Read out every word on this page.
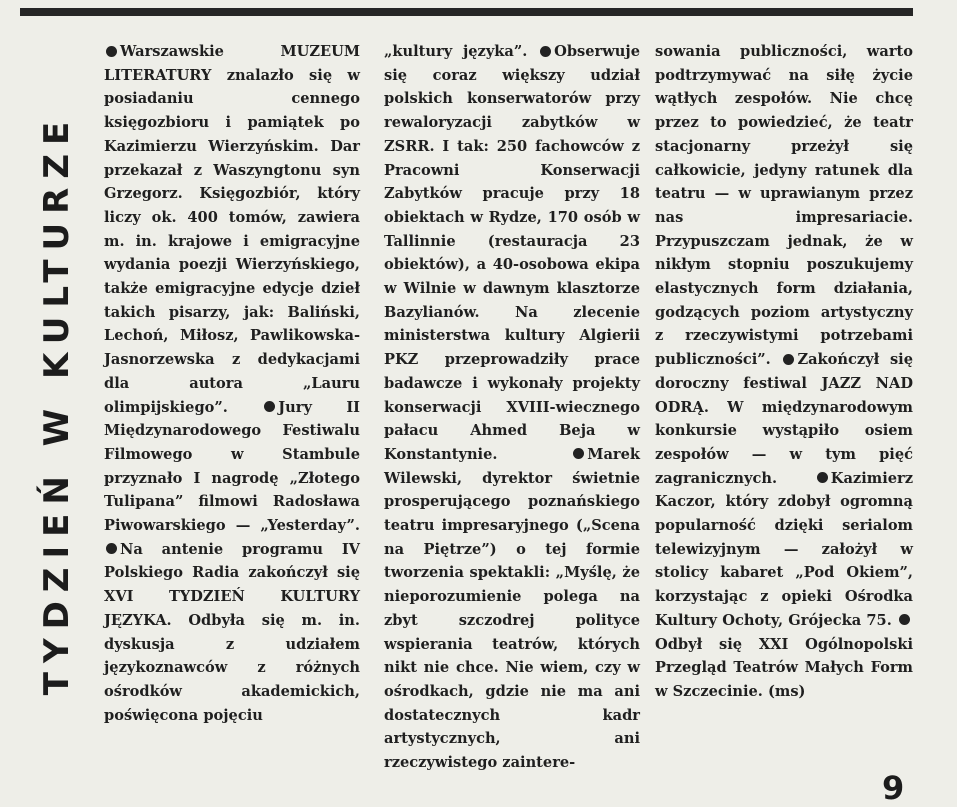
TYDZIEŃ W KULTURZE

Warszawskie MUZEUM LITERATURY znalazło się w posiadaniu cennego księgozbioru i pamiątek po Kazimierzu Wierzyńskim. Dar przekazał z Waszyngtonu syn Grzegorz. Księgozbiór, który liczy ok. 400 tomów, zawiera m. in. krajowe i emigracyjne wydania poezji Wierzyńskiego, także emigracyjne edycje dzieł takich pisarzy, jak: Baliński, Lechoń, Miłosz, Pawlikowska-Jasnorzewska z dedykacjami dla autora „Lauru olimpijskiego”.	Jury II Międzynarodowego Festiwalu Filmowego w Stambule przyznało I nagrodę „Złotego Tulipana” filmowi Radosława Piwowarskiego — „Yesterday”. Na antenie programu IV Polskiego Radia zakończył się XVI TYDZIEŃ KULTURY JĘZYKA. Odbyła się m. in. dyskusja z udziałem językoznawców z różnych ośrodków akademickich, poświęcona pojęciu

„kultury języka”. Obserwuje się coraz większy udział polskich konserwatorów przy rewaloryzacji zabytków w ZSRR. I tak: 250 fachowców z Pracowni Konserwacji Zabytków pracuje przy 18 obiektach w Rydze, 170 osób w Tallinnie (restauracja 23 obiektów), a 40-osobowa ekipa w Wilnie w dawnym klasztorze Bazylianów. Na zlecenie ministerstwa kultury Algierii PKZ przeprowadziły prace badawcze i wykonały projekty konserwacji XVIII-wiecznego pałacu Ahmed Beja w Konstantynie.	Marek Wilewski, dyrektor świetnie prosperującego poznańskiego teatru impresaryjnego („Scena na Piętrze”) o tej formie tworzenia spektakli: „Myślę, że nieporozumienie polega na zbyt szczodrej polityce wspierania teatrów, których nikt nie chce. Nie wiem, czy w ośrodkach, gdzie nie ma ani dostatecznych kadr artystycznych, ani rzeczywistego zaintere-

sowania publiczności, warto podtrzymywać na siłę życie wątłych zespołów. Nie chcę przez to powiedzieć, że teatr stacjonarny przeżył się całkowicie, jedyny ratunek dla teatru — w uprawianym przez nas impresariacie. Przypuszczam jednak, że w nikłym stopniu poszukujemy elastycznych form działania, godzących poziom artystyczny z rzeczywistymi potrzebami publiczności”. Zakończył się doroczny festiwal JAZZ NAD ODRĄ. W międzynarodowym konkursie wystąpiło osiem zespołów — w tym pięć zagranicznych.	Kazimierz Kaczor, który zdobył ogromną popularność dzięki serialom telewizyjnym — założył w stolicy kabaret „Pod Okiem”, korzystając z opieki Ośrodka Kultury Ochoty, Grójecka 75. Odbył się XXI Ogólnopolski Przegląd Teatrów Małych Form w Szczecinie. (ms)

9
